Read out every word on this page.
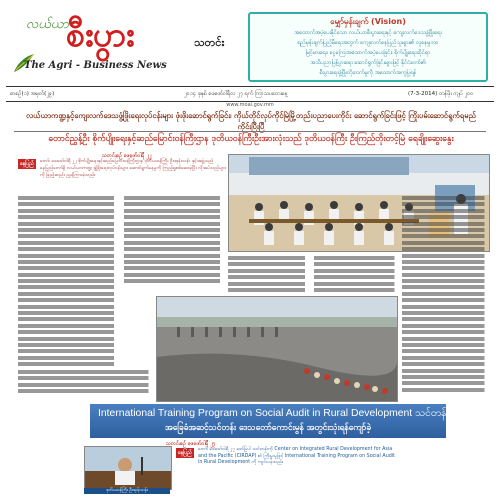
လယ်ယာ
စီးပွား	သတင်း
The Agri - Business News
မျှော်မှန်းချက် (Vision)
အထောက်အပံ့ပေးနိုင်သော လယ်ယာစီးပွားရေးနှင့် ကျေးလက်ဒေသဖွံ့ဖြိုးရေး
ရည်မှန်းချက်ပြည့်မီရေးအတွက် ကျေးလက်နေပြည်သူများ၏ လူနေမှုဘဝ
မြင့်မားရေး၊ ငွေကြေးအထောက်အပံ့ပေးခြင်း၊ စိုက်ပျိုးရေးဆိုင်ရာ
အသိပညာပြန့်ပွားရေး ဆောင်ရွက်ခြင်းများဖြင့် နိုင်ငံတော်၏
စီးပွားရေးဖွံ့ဖြိုးတိုးတက်မှုကို အထောက်အကူပြုရန်
စာစဉ်(၁) အမှတ်(၂၉)	၂၀၁၄ ခုနှစ် ဖေဖော်ဝါရီလ ၂၇ ရက် ကြာသပတေးနေ့	(7-3-2014) တန်ဖိုး ကျပ် ၂၀၀
www.moai.gov.mm
လယ်ယာကဏ္ဍနှင့်ကျေးလက်ဒေသဖွံ့ဖြိုးရေးလုပ်ငန်းများ ဖုံးဖိုးဆောင်ရွက်ခြင်း၊ ကိုယ်တိုင်လုပ်ကိုင်မြဲမြို့တည်းပညာပေးကိုင်း ဆောင်ရွက်ခြင်းဖြင့် ကြိုးပမ်းဆောင်ရွက်ရမည် ကိုင်းပြီးပြီ
တောင်ညွှန့်ဦး စိုက်ပျိုးရေးနှင့်ဆည်မြောင်းဝန်ကြီးဌာန ဒုတိယဝန်ကြီးဦးအားလုံးသည် ဒုတိယဝန်ကြီး ဦးကြည်တိုးတင့်မြဲ ရေချိုးဆွေးနွေး
သတင်းစဉ် ဖေဖော်ဝါရီ ၂၂
နေပြည်	တော်၊ ဖေဖော်ဝါရီ ၂၂ စိုက်ပျိုးရေးနှင့်ဆည်မြောင်းဝန်ကြီးဌာန ဒုတိယဝန်ကြီး ဦးအုန်းသန်း နှင့်အဖွဲ့သည် နေပြည်တော်ရှိ လယ်ယာကဏ္ဍ ဖွံ့ဖြိုးရေးလုပ်ငန်းများ ဆောင်ရွက်နေမှုကို ကြည့်ရှုစစ်ဆေးခဲ့ပြီး လိုအပ်သည်များကို ဖြည့်ဆည်း ညွှန်ကြားခဲ့သည်။
International Training Program on Social Audit in Rural Development သင်တန်း
အခြေခံအဆင့်သင်တန်း ဒေသတော်ကောင်းမွန် အတွင်းသုံးရန်ကျော်ခဲ့
သတင်းစဉ် ဖေဖော်ဝါရီ ၂၇
ဒုတိယဝန်ကြီး ဦးအုန်းသန်း
နေပြည်
တော်၊ ဖေဖော်ဝါရီ ၂၇ ဖော်ပြပါ သင်တန်းကို Center on Integrated Rural Development for Asia and the Pacific (CIRDAP) ၏ ကြီးမှူးမှုဖြင့် International Training Program on Social Audit in Rural Development ကို ကျင်းပခဲ့သည်။
